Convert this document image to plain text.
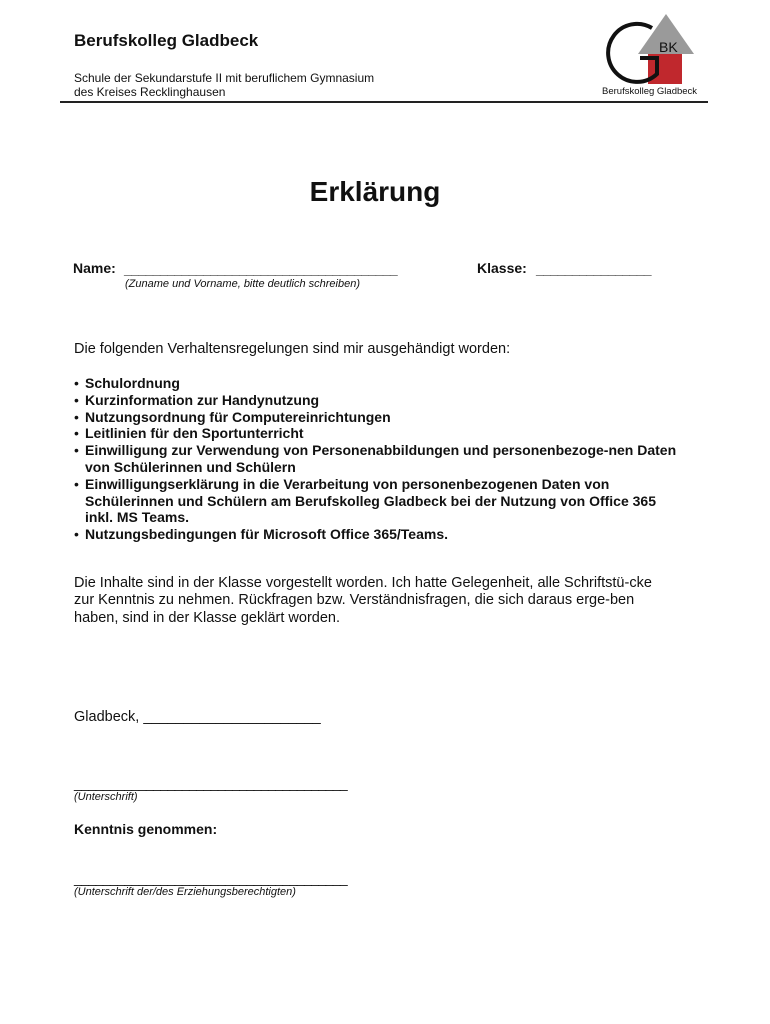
Berufskolleg Gladbeck
Schule der Sekundarstufe II mit beruflichem Gymnasium
des Kreises Recklinghausen
BK
Berufskolleg Gladbeck
Erklärung
Name: ______________________________________	Klasse: ________________
(Zuname und Vorname, bitte deutlich schreiben)
Die folgenden Verhaltensregelungen sind mir ausgehändigt worden:
• Schulordnung
• Kurzinformation zur Handynutzung
• Nutzungsordnung für Computereinrichtungen
• Leitlinien für den Sportunterricht
• Einwilligung zur Verwendung von Personenabbildungen und personenbezoge-nen Daten von Schülerinnen und Schülern
• Einwilligungserklärung in die Verarbeitung von personenbezogenen Daten von Schülerinnen und Schülern am Berufskolleg Gladbeck bei der Nutzung von Office 365 inkl. MS Teams.
• Nutzungsbedingungen für Microsoft Office 365/Teams.
Die Inhalte sind in der Klasse vorgestellt worden. Ich hatte Gelegenheit, alle Schriftstü-cke zur Kenntnis zu nehmen. Rückfragen bzw. Verständnisfragen, die sich daraus erge-ben haben, sind in der Klasse geklärt worden.
Gladbeck, ______________________
______________________________________
(Unterschrift)
Kenntnis genommen:
______________________________________
(Unterschrift der/des Erziehungsberechtigten)
